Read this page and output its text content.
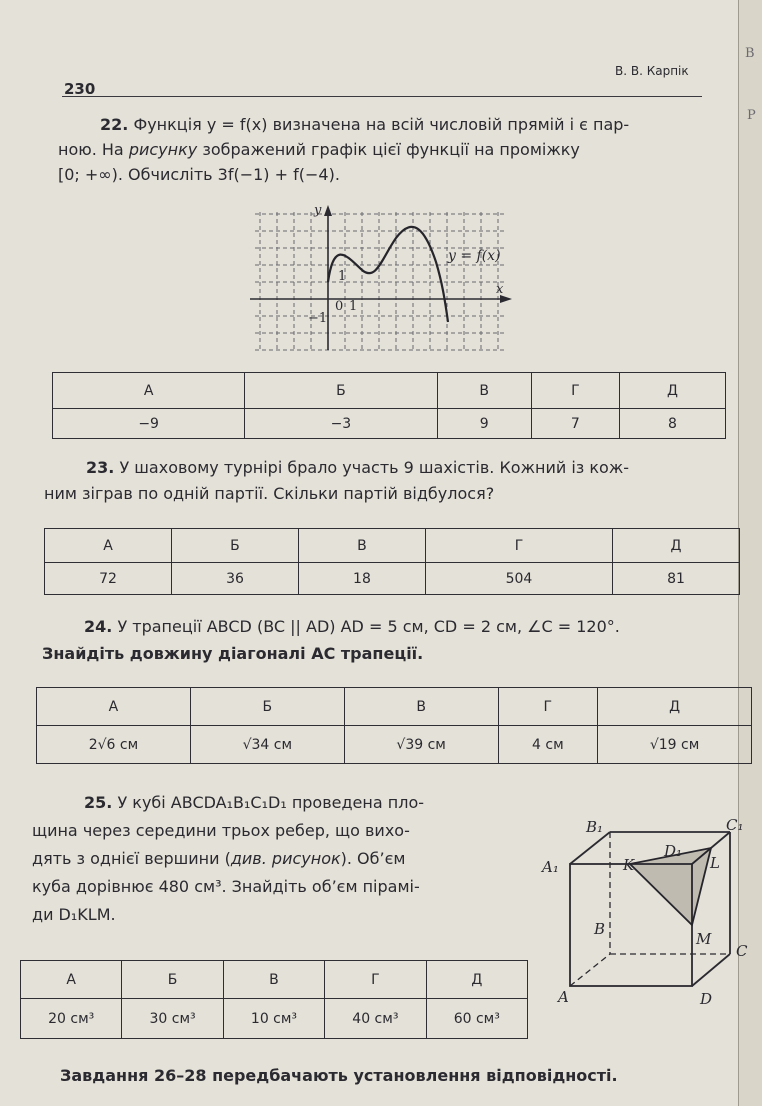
В
Р
230
В. В. Карпік
22. Функція y = f(x) визначена на всій числовій прямій і є пар-
ною. На рисунку зображений графік цієї функції на проміжку
[0; +∞). Обчисліть 3f(−1) + f(−4).
y
x
y = f(x)
1
0 1
−1
А	Б	В	Г	Д
−9	−3	9	7	8
23. У шаховому турнірі брало участь 9 шахістів. Кожний із кож-
ним зіграв по одній партії. Скільки партій відбулося?
А	Б	В	Г	Д
72	36	18	504	81
24. У трапеції ABCD (BC || AD) AD = 5 см, CD = 2 см, ∠C = 120°.
Знайдіть довжину діагоналі AC трапеції.
А	Б	В	Г	Д
2√6 см	√34 см	√39 см	4 см	√19 см
25. У кубі ABCDA₁B₁C₁D₁ проведена пло-
щина через середини трьох ребер, що вихо-
дять з однієї вершини (див. рисунок). Об’єм
куба дорівнює 480 см³. Знайдіть об’єм пірамі-
ди D₁KLM.
B₁	C₁
A₁	K
D₁
L
B
M
C
A	D
А	Б	В	Г	Д
20 см³	30 см³	10 см³	40 см³	60 см³
Завдання 26–28 передбачають установлення відповідності.
